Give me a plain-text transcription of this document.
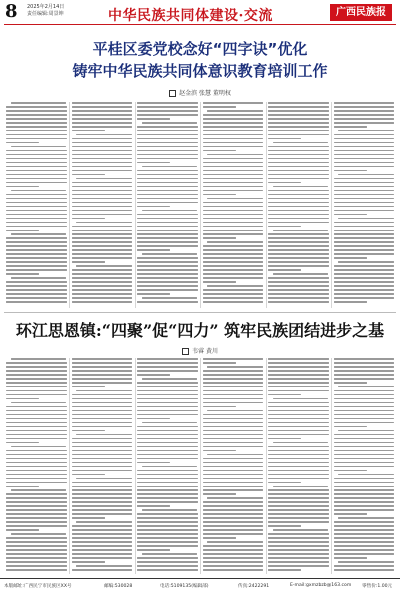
8 2025年2月14日
责任编辑:周景坤	中华民族共同体建设·交流	广西民族报
平桂区委党校念好“四字诀”优化
铸牢中华民族共同体意识教育培训工作
赵金滨 张慧 董明权
环江思恩镇:“四聚”促“四力” 筑牢民族团结进步之基
韦睿 黄川
本版邮址:广西民宁市民族区XX号	邮编:530028	电话:5109135(编辑部)	传真:2422291	E-mail:gxmzbzb@163.com 零售价:1.00元
